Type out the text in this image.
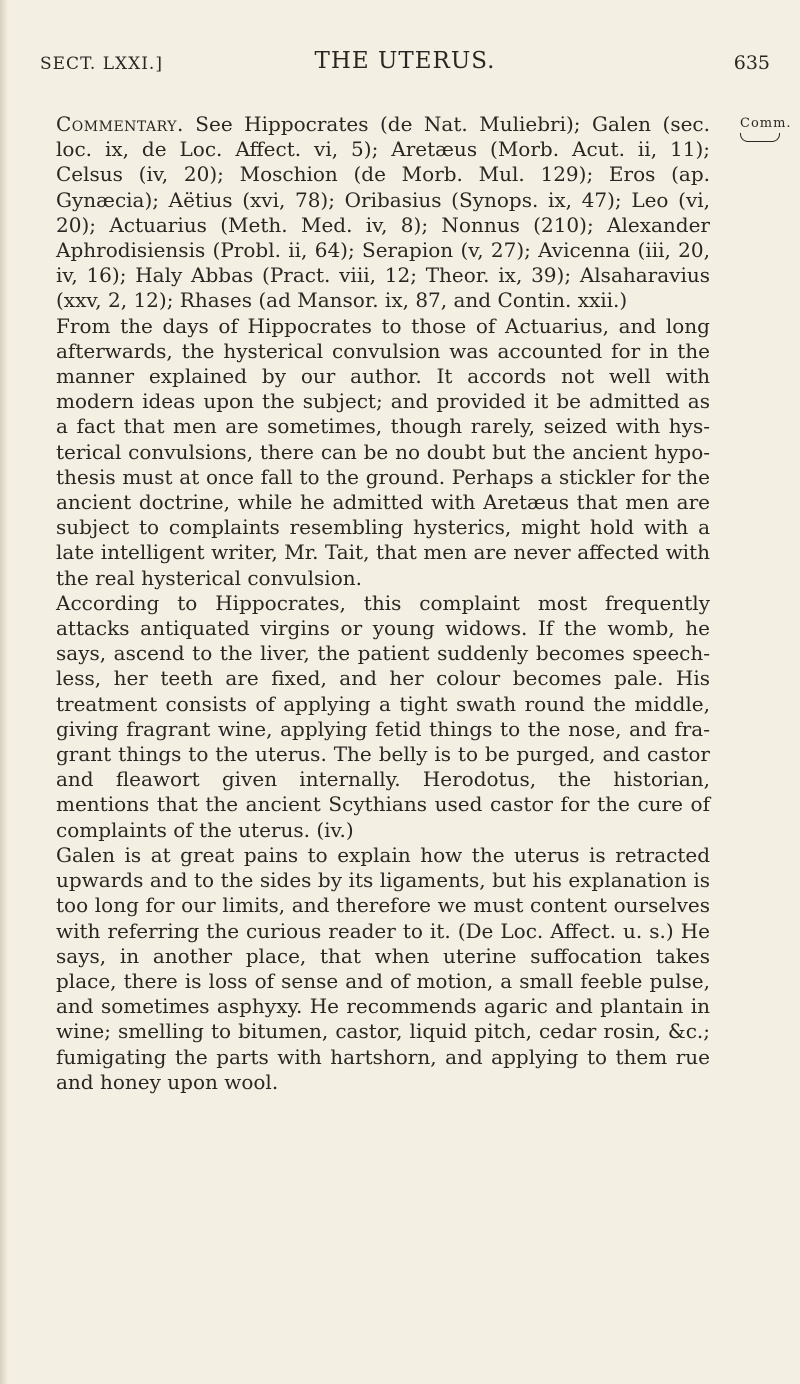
SECT. LXXI.]	THE UTERUS.	635
Comm.

Commentary. See Hippocrates (de Nat. Muliebri); Galen (sec. loc. ix, de Loc. Affect. vi, 5); Aretæus (Morb. Acut. ii, 11); Celsus (iv, 20); Moschion (de Morb. Mul. 129); Eros (ap. Gynæcia); Aëtius (xvi, 78); Oribasius (Synops. ix, 47); Leo (vi, 20); Actuarius (Meth. Med. iv, 8); Nonnus (210); Alexander Aphrodisiensis (Probl. ii, 64); Serapion (v, 27); Avicenna (iii, 20, iv, 16); Haly Abbas (Pract. viii, 12; Theor. ix, 39); Alsaharavius (xxv, 2, 12); Rhases (ad Mansor. ix, 87, and Contin. xxii.)

From the days of Hippocrates to those of Actuarius, and long afterwards, the hysterical convulsion was accounted for in the manner explained by our author. It accords not well with modern ideas upon the subject; and provided it be admitted as a fact that men are sometimes, though rarely, seized with hysterical convulsions, there can be no doubt but the ancient hypothesis must at once fall to the ground. Perhaps a stickler for the ancient doctrine, while he admitted with Aretæus that men are subject to complaints resembling hysterics, might hold with a late intelligent writer, Mr. Tait, that men are never affected with the real hysterical convulsion.

According to Hippocrates, this complaint most frequently attacks antiquated virgins or young widows. If the womb, he says, ascend to the liver, the patient suddenly becomes speechless, her teeth are fixed, and her colour becomes pale. His treatment consists of applying a tight swath round the middle, giving fragrant wine, applying fetid things to the nose, and fragrant things to the uterus. The belly is to be purged, and castor and fleawort given internally. Herodotus, the historian, mentions that the ancient Scythians used castor for the cure of complaints of the uterus. (iv.)

Galen is at great pains to explain how the uterus is retracted upwards and to the sides by its ligaments, but his explanation is too long for our limits, and therefore we must content ourselves with referring the curious reader to it. (De Loc. Affect. u. s.) He says, in another place, that when uterine suffocation takes place, there is loss of sense and of motion, a small feeble pulse, and sometimes asphyxy. He recommends agaric and plantain in wine; smelling to bitumen, castor, liquid pitch, cedar rosin, &c.; fumigating the parts with hartshorn, and applying to them rue and honey upon wool.
